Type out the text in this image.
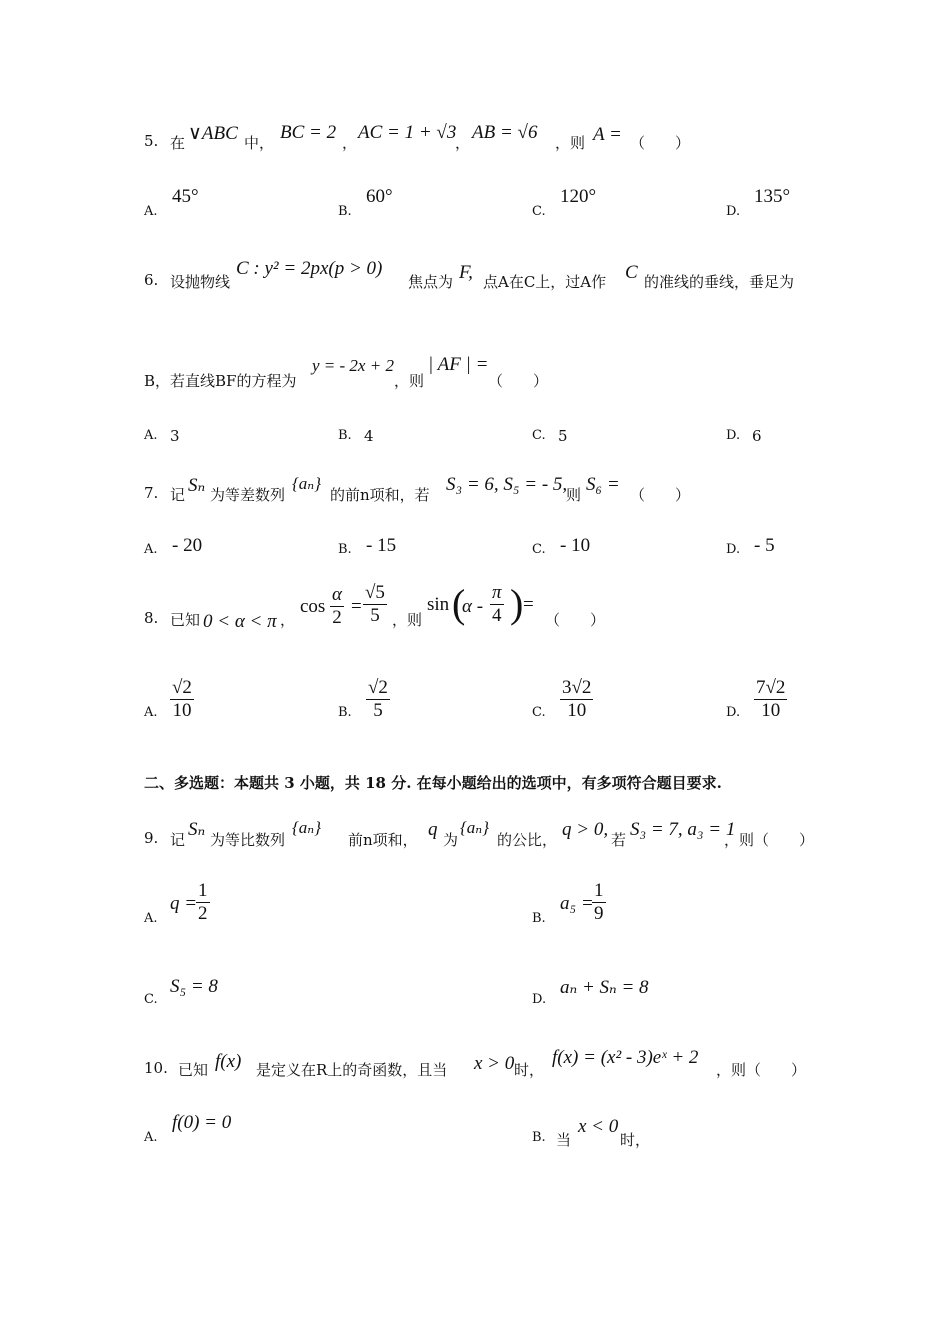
5. 在 ∨ABC 中， BC = 2 ， AC = 1 + √3
， AB = √6 ，则 A = （　　）
A.
45°
B.
60°
C.
120°
D.
135°
6. 设抛物线
C : y² = 2px(p > 0)
焦点为 F, 点A在C上，过A作 C 的准线的垂线，垂足为
B，若直线BF的方程为
y = - 2x + 2
，则
| AF | =
（　　）
A. 3	B. 4	C. 5	D. 6
7. 记 Sₙ 为等差数列
{aₙ}
的前n项和，若 S₃ = 6, S₅ = - 5,
则 S₆ = （　　）
A. - 20	B. - 15	C. - 10	D. - 5
8. 已知 0 < α < π ，
$\cos \frac{\alpha}{2} = \frac{√5}{5}$ ，则
sin (
α - $\frac{\pi}{4}$ ) =
（　　）
A. $\frac{√2}{10}$	B. $\frac{√2}{5}$	C. $\frac{3√2}{10}$	D. $\frac{7√2}{10}$
二、多选题：本题共 3 小题，共 18 分. 在每小题给出的选项中，有多项符合题目要求.
9. 记 Sₙ 为等比数列
{aₙ}
前n项和， q 为
{aₙ}
的公比， q > 0, 若 S₃ = 7, a₃ = 1
，则（　　）
A.
q =
$\frac{1}{2}$	B.
a₅ =
$\frac{1}{9}$
C.
S₅ = 8
D.
aₙ + Sₙ = 8
10. 已知 f(x) 是定义在R上的奇函数，且当 x > 0 时，
f(x) = (x² - 3)eˣ + 2
，则（　　）
A.
f(0) = 0
B. 当
x < 0
时，
